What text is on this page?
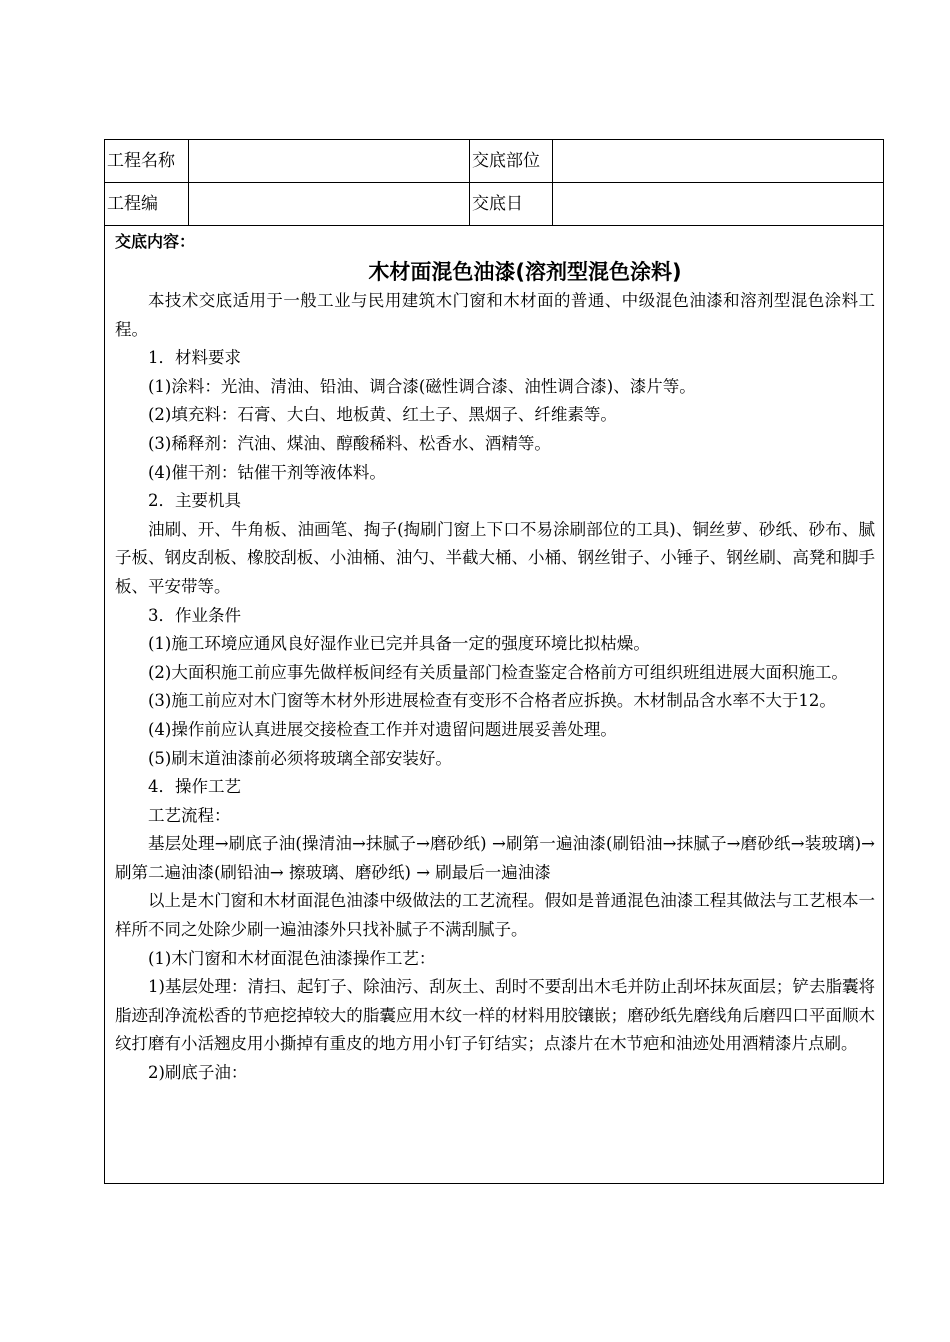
工程名称	交底部位
工程编	交底日

交底内容：

木材面混色油漆(溶剂型混色涂料)

本技术交底适用于一般工业与民用建筑木门窗和木材面的普通、中级混色油漆和溶剂型混色涂料工程。

1．材料要求

(1)涂料：光油、清油、铅油、调合漆(磁性调合漆、油性调合漆)、漆片等。

(2)填充料：石膏、大白、地板黄、红土子、黑烟子、纤维素等。

(3)稀释剂：汽油、煤油、醇酸稀料、松香水、酒精等。

(4)催干剂：钴催干剂等液体料。

2．主要机具

油刷、开、牛角板、油画笔、掏子(掏刷门窗上下口不易涂刷部位的工具)、铜丝萝、砂纸、砂布、腻子板、钢皮刮板、橡胶刮板、小油桶、油勺、半截大桶、小桶、钢丝钳子、小锤子、钢丝刷、高凳和脚手板、平安带等。

3．作业条件

(1)施工环境应通风良好湿作业已完并具备一定的强度环境比拟枯燥。

(2)大面积施工前应事先做样板间经有关质量部门检查鉴定合格前方可组织班组进展大面积施工。

(3)施工前应对木门窗等木材外形进展检查有变形不合格者应拆换。木材制品含水率不大于12。

(4)操作前应认真进展交接检查工作并对遗留问题进展妥善处理。

(5)刷末道油漆前必须将玻璃全部安装好。

4．操作工艺

工艺流程：

基层处理→刷底子油(操清油→抹腻子→磨砂纸) →刷第一遍油漆(刷铅油→抹腻子→磨砂纸→装玻璃)→刷第二遍油漆(刷铅油→ 擦玻璃、磨砂纸) → 刷最后一遍油漆

以上是木门窗和木材面混色油漆中级做法的工艺流程。假如是普通混色油漆工程其做法与工艺根本一样所不同之处除少刷一遍油漆外只找补腻子不满刮腻子。

(1)木门窗和木材面混色油漆操作工艺：

1)基层处理：清扫、起钉子、除油污、刮灰土、刮时不要刮出木毛并防止刮坏抹灰面层；铲去脂囊将脂迹刮净流松香的节疤挖掉较大的脂囊应用木纹一样的材料用胶镶嵌；磨砂纸先磨线角后磨四口平面顺木纹打磨有小活翘皮用小撕掉有重皮的地方用小钉子钉结实；点漆片在木节疤和油迹处用酒精漆片点刷。

2)刷底子油：
